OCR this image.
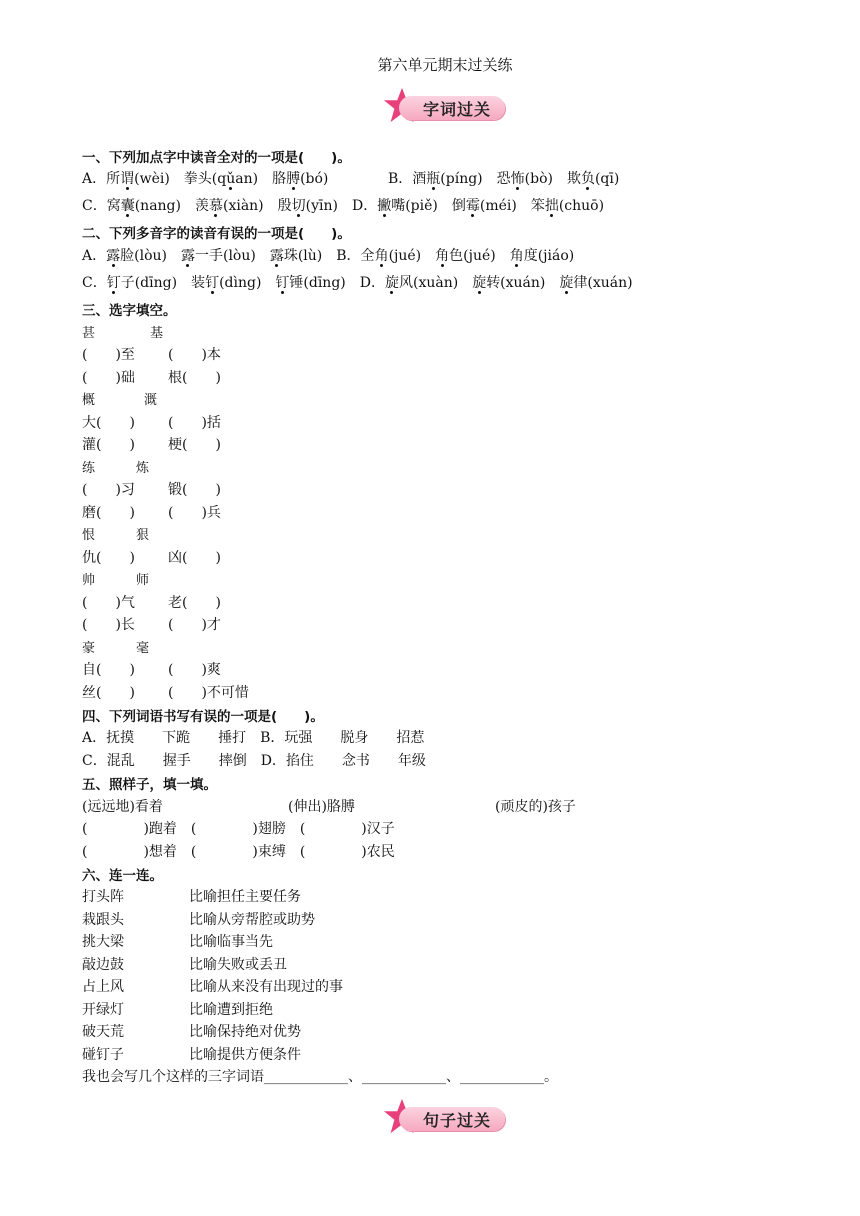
第六单元期末过关练
字词过关
一、下列加点字中读音全对的一项是(　　)。
A．所谓(wèi)　拳头(qǔan)　胳膊(bó)	B．酒瓶(píng)　恐怖(bò)　欺负(qī)
C．窝囊(nang)　羡慕(xiàn)　殷切(yīn)　D．撇嘴(piě)　倒霉(méi)　笨拙(chuō)
二、下列多音字的读音有误的一项是(　　)。
A．露脸(lòu)　露一手(lòu)　露珠(lù)　B．全角(jué)　角色(jué)　角度(jiáo)
C．钉子(dīng)　装钉(dìng)　钉锤(dīng)　D．旋风(xuàn)　旋转(xuán)　旋律(xuán)
三、选字填空。
甚	基
(　　)至 (　　)本
(　　)础 根(　　)
概	溉
大(　　) (　　)括
灌(　　) 梗(　　)
练	炼
(　　)习 锻(　　)
磨(　　) (　　)兵
恨	狠
仇(　　) 凶(　　)
帅	师
(　　)气 老(　　)
(　　)长 (　　)才
豪	毫
自(　　) (　　)爽
丝(　　) (　　)不可惜
四、下列词语书写有误的一项是(　　)。
A．抚摸　　下跪　　捶打　B．玩强　　脱身　　招惹
C．混乱　　握手　　摔倒　D．掐住　　念书　　年级
五、照样子，填一填。
(远远地)看着	(伸出)胳膊	(顽皮的)孩子
(　　　　)跑着　(　　　　)翅膀　(　　　　)汉子
(　　　　)想着　(　　　　)束缚　(　　　　)农民
六、连一连。
打头阵	比喻担任主要任务
栽跟头	比喻从旁帮腔或助势
挑大梁	比喻临事当先
敲边鼓	比喻失败或丢丑
占上风	比喻从来没有出现过的事
开绿灯	比喻遭到拒绝
破天荒	比喻保持绝对优势
碰钉子	比喻提供方便条件
我也会写几个这样的三字词语____________、____________、____________。
句子过关
